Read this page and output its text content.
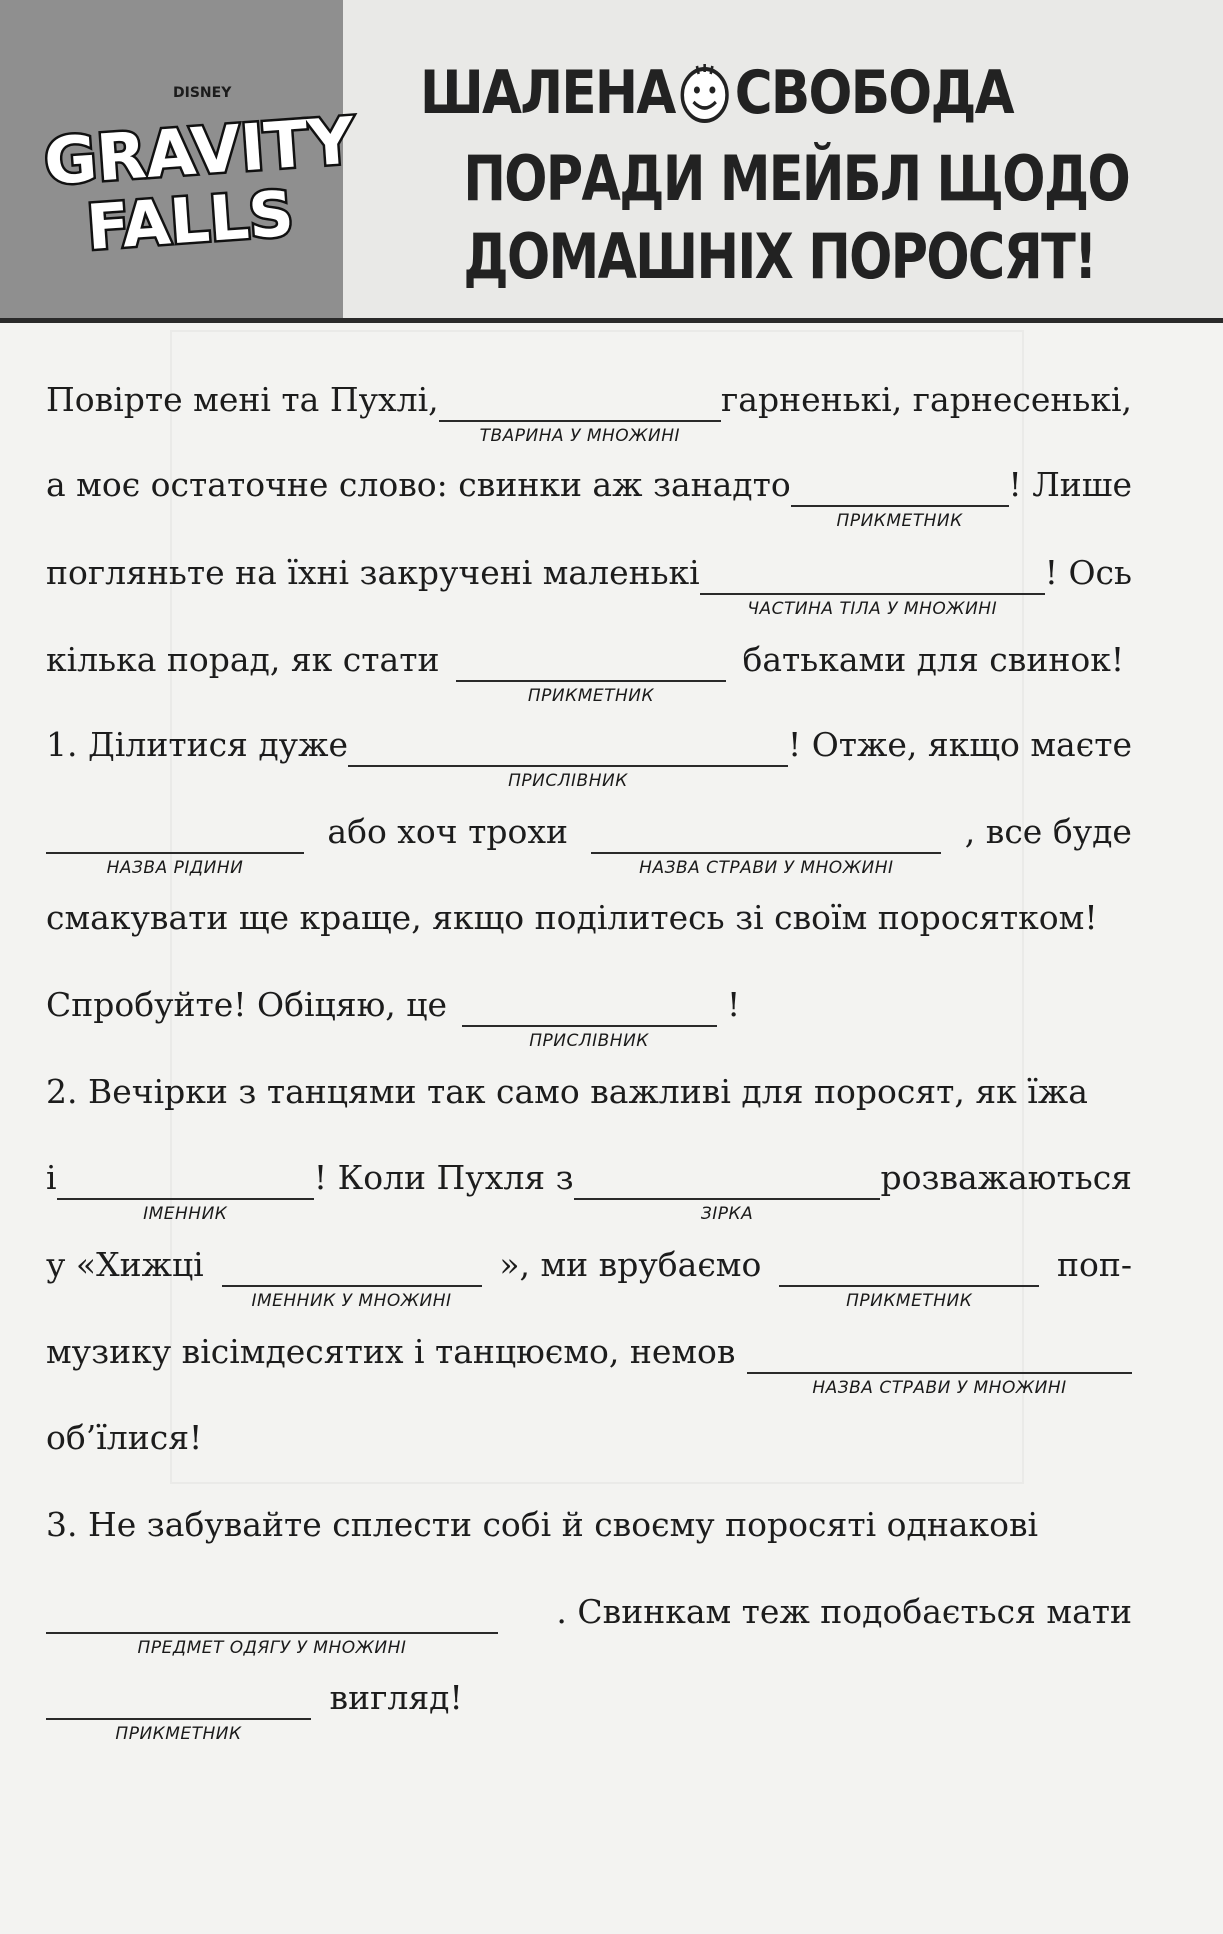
DISNEY
GRAVITY
FALLS
ШАЛЕНА СВОБОДА
ПОРАДИ МЕЙБЛ ЩОДО
ДОМАШНІХ ПОРОСЯТ!
Повірте мені та Пухлі,
ТВАРИНА У МНОЖИНІ
гарненькі, гарнесенькі,
а моє остаточне слово: свинки аж занадто
ПРИКМЕТНИК
! Лише
погляньте на їхні закручені маленькі
ЧАСТИНА ТІЛА У МНОЖИНІ
! Ось
кілька порад, як стати
ПРИКМЕТНИК
батьками для свинок!
1. Ділитися дуже
ПРИСЛІВНИК
! Отже, якщо маєте
НАЗВА РІДИНИ
або хоч трохи
НАЗВА СТРАВИ У МНОЖИНІ
, все буде
смакувати ще краще, якщо поділитесь зі своїм поросятком!
Спробуйте! Обіцяю, це
ПРИСЛІВНИК
!
2. Вечірки з танцями так само важливі для поросят, як їжа
і
ІМЕННИК
! Коли Пухля з
ЗІРКА
розважаються
у «Хижці
ІМЕННИК У МНОЖИНІ
», ми врубаємо
ПРИКМЕТНИК
поп-
музику вісімдесятих і танцюємо, немов
НАЗВА СТРАВИ У МНОЖИНІ
об’їлися!
3. Не забувайте сплести собі й своєму поросяті однакові
ПРЕДМЕТ ОДЯГУ У МНОЖИНІ
. Свинкам теж подобається мати
ПРИКМЕТНИК
вигляд!
